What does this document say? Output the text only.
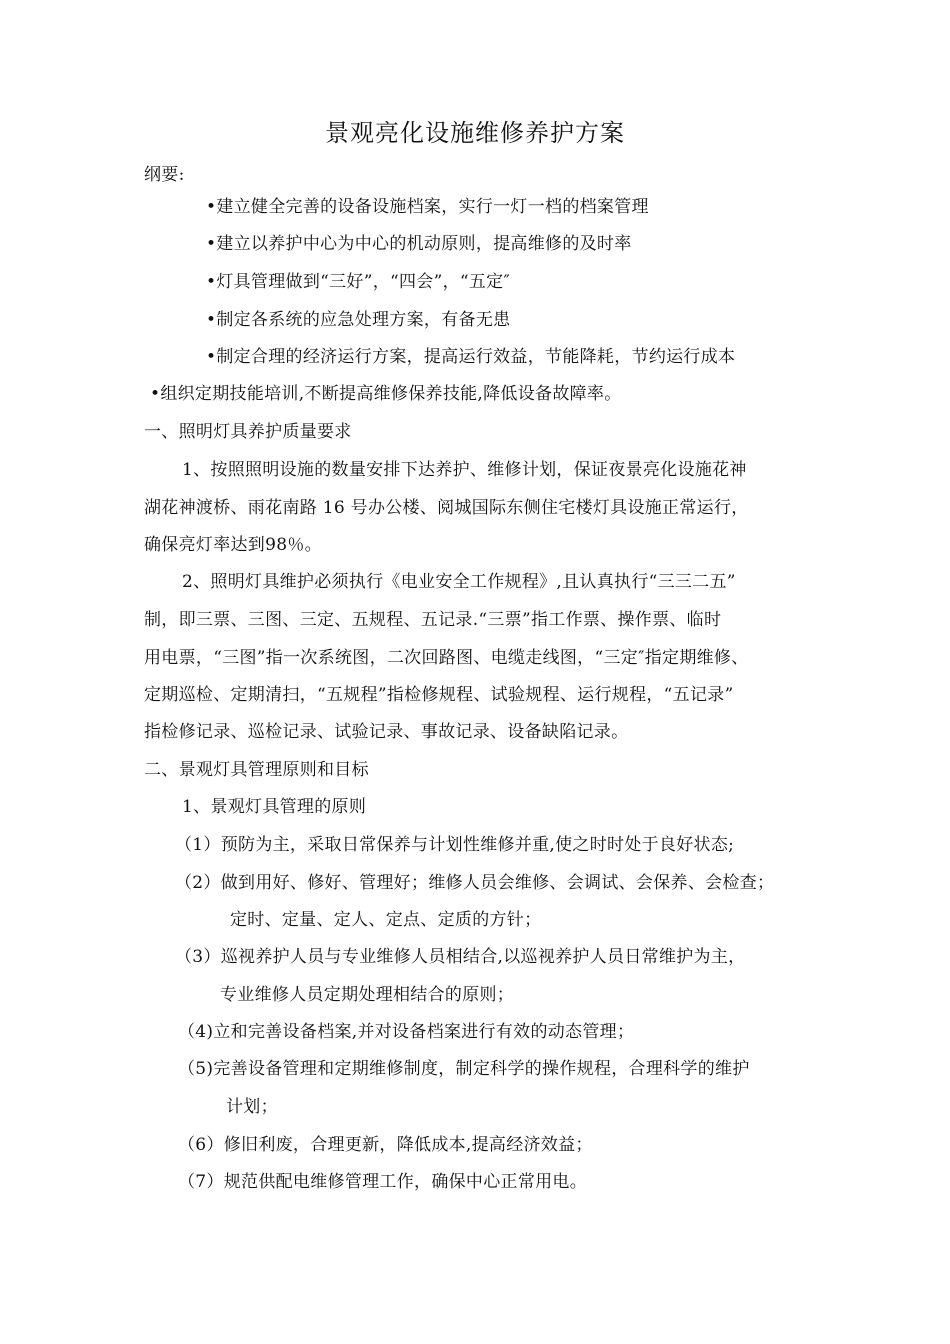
景观亮化设施维修养护方案
纲要:
•建立健全完善的设备设施档案，实行一灯一档的档案管理
•建立以养护中心为中心的机动原则，提高维修的及时率
•灯具管理做到“三好”，“四会”，“五定″
•制定各系统的应急处理方案，有备无患
•制定合理的经济运行方案，提高运行效益，节能降耗，节约运行成本
•组织定期技能培训,不断提高维修保养技能,降低设备故障率。
一、照明灯具养护质量要求
1、按照照明设施的数量安排下达养护、维修计划，保证夜景亮化设施花神
湖花神渡桥、雨花南路 16 号办公楼、阅城国际东侧住宅楼灯具设施正常运行，
确保亮灯率达到98％。
2、照明灯具维护必须执行《电业安全工作规程》,且认真执行“三三二五”
制，即三票、三图、三定、五规程、五记录.“三票”指工作票、操作票、临时
用电票，“三图”指一次系统图，二次回路图、电缆走线图，“三定″指定期维修、
定期巡检、定期清扫，“五规程”指检修规程、试验规程、运行规程，“五记录”
指检修记录、巡检记录、试验记录、事故记录、设备缺陷记录。
二、景观灯具管理原则和目标
1、景观灯具管理的原则
（1）预防为主，采取日常保养与计划性维修并重,使之时时处于良好状态;
（2）做到用好、修好、管理好；维修人员会维修、会调试、会保养、会检查；
定时、定量、定人、定点、定质的方针；
（3）巡视养护人员与专业维修人员相结合,以巡视养护人员日常维护为主，
专业维修人员定期处理相结合的原则；
（4)立和完善设备档案,并对设备档案进行有效的动态管理；
（5)完善设备管理和定期维修制度，制定科学的操作规程，合理科学的维护
计划；
（6）修旧利废，合理更新，降低成本,提高经济效益；
（7）规范供配电维修管理工作，确保中心正常用电。
